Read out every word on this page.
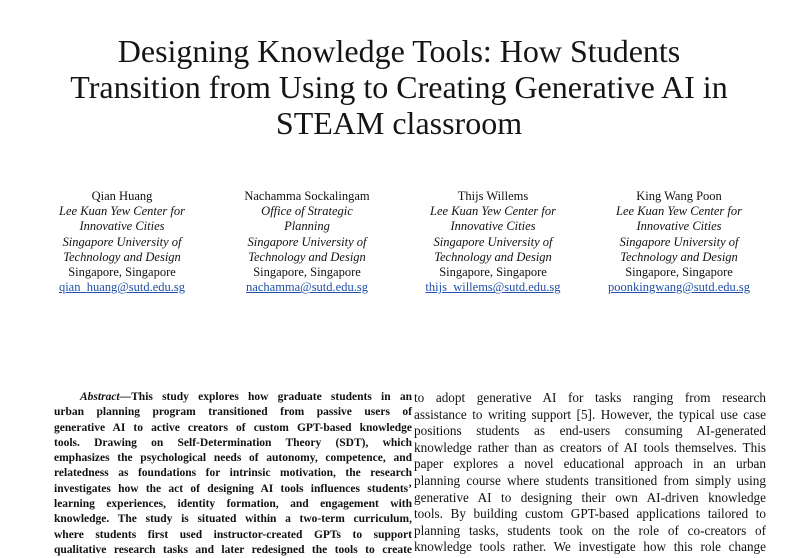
Designing Knowledge Tools: How Students
Transition from Using to Creating Generative AI in
STEAM classroom
Qian Huang
Lee Kuan Yew Center for
Innovative Cities
Singapore University of
Technology and Design
Singapore, Singapore
qian_huang@sutd.edu.sg
Nachamma Sockalingam
Office of Strategic
Planning
Singapore University of
Technology and Design
Singapore, Singapore
nachamma@sutd.edu.sg
Thijs Willems
Lee Kuan Yew Center for
Innovative Cities
Singapore University of
Technology and Design
Singapore, Singapore
thijs_willems@sutd.edu.sg
King Wang Poon
Lee Kuan Yew Center for
Innovative Cities
Singapore University of
Technology and Design
Singapore, Singapore
poonkingwang@sutd.edu.sg
Abstract—This study explores how graduate students in an
urban planning program transitioned from passive users of
generative AI to active creators of custom GPT-based knowledge
tools. Drawing on Self-Determination Theory (SDT), which
emphasizes the psychological needs of autonomy, competence, and
relatedness as foundations for intrinsic motivation, the research
investigates how the act of designing AI tools influences students’
learning experiences, identity formation, and engagement with
knowledge. The study is situated within a two-term curriculum,
where students first used instructor-created GPTs to support
qualitative research tasks and later redesigned the tools to create
to adopt generative AI for tasks ranging from research
assistance to writing support [5]. However, the typical use case
positions students as end-users consuming AI-generated
knowledge rather than as creators of AI tools themselves. This
paper explores a novel educational approach in an urban
planning course where students transitioned from simply using
generative AI to designing their own AI-driven knowledge
tools. By building custom GPT-based applications tailored to
planning tasks, students took on the role of co-creators of
knowledge tools rather. We investigate how this role change
